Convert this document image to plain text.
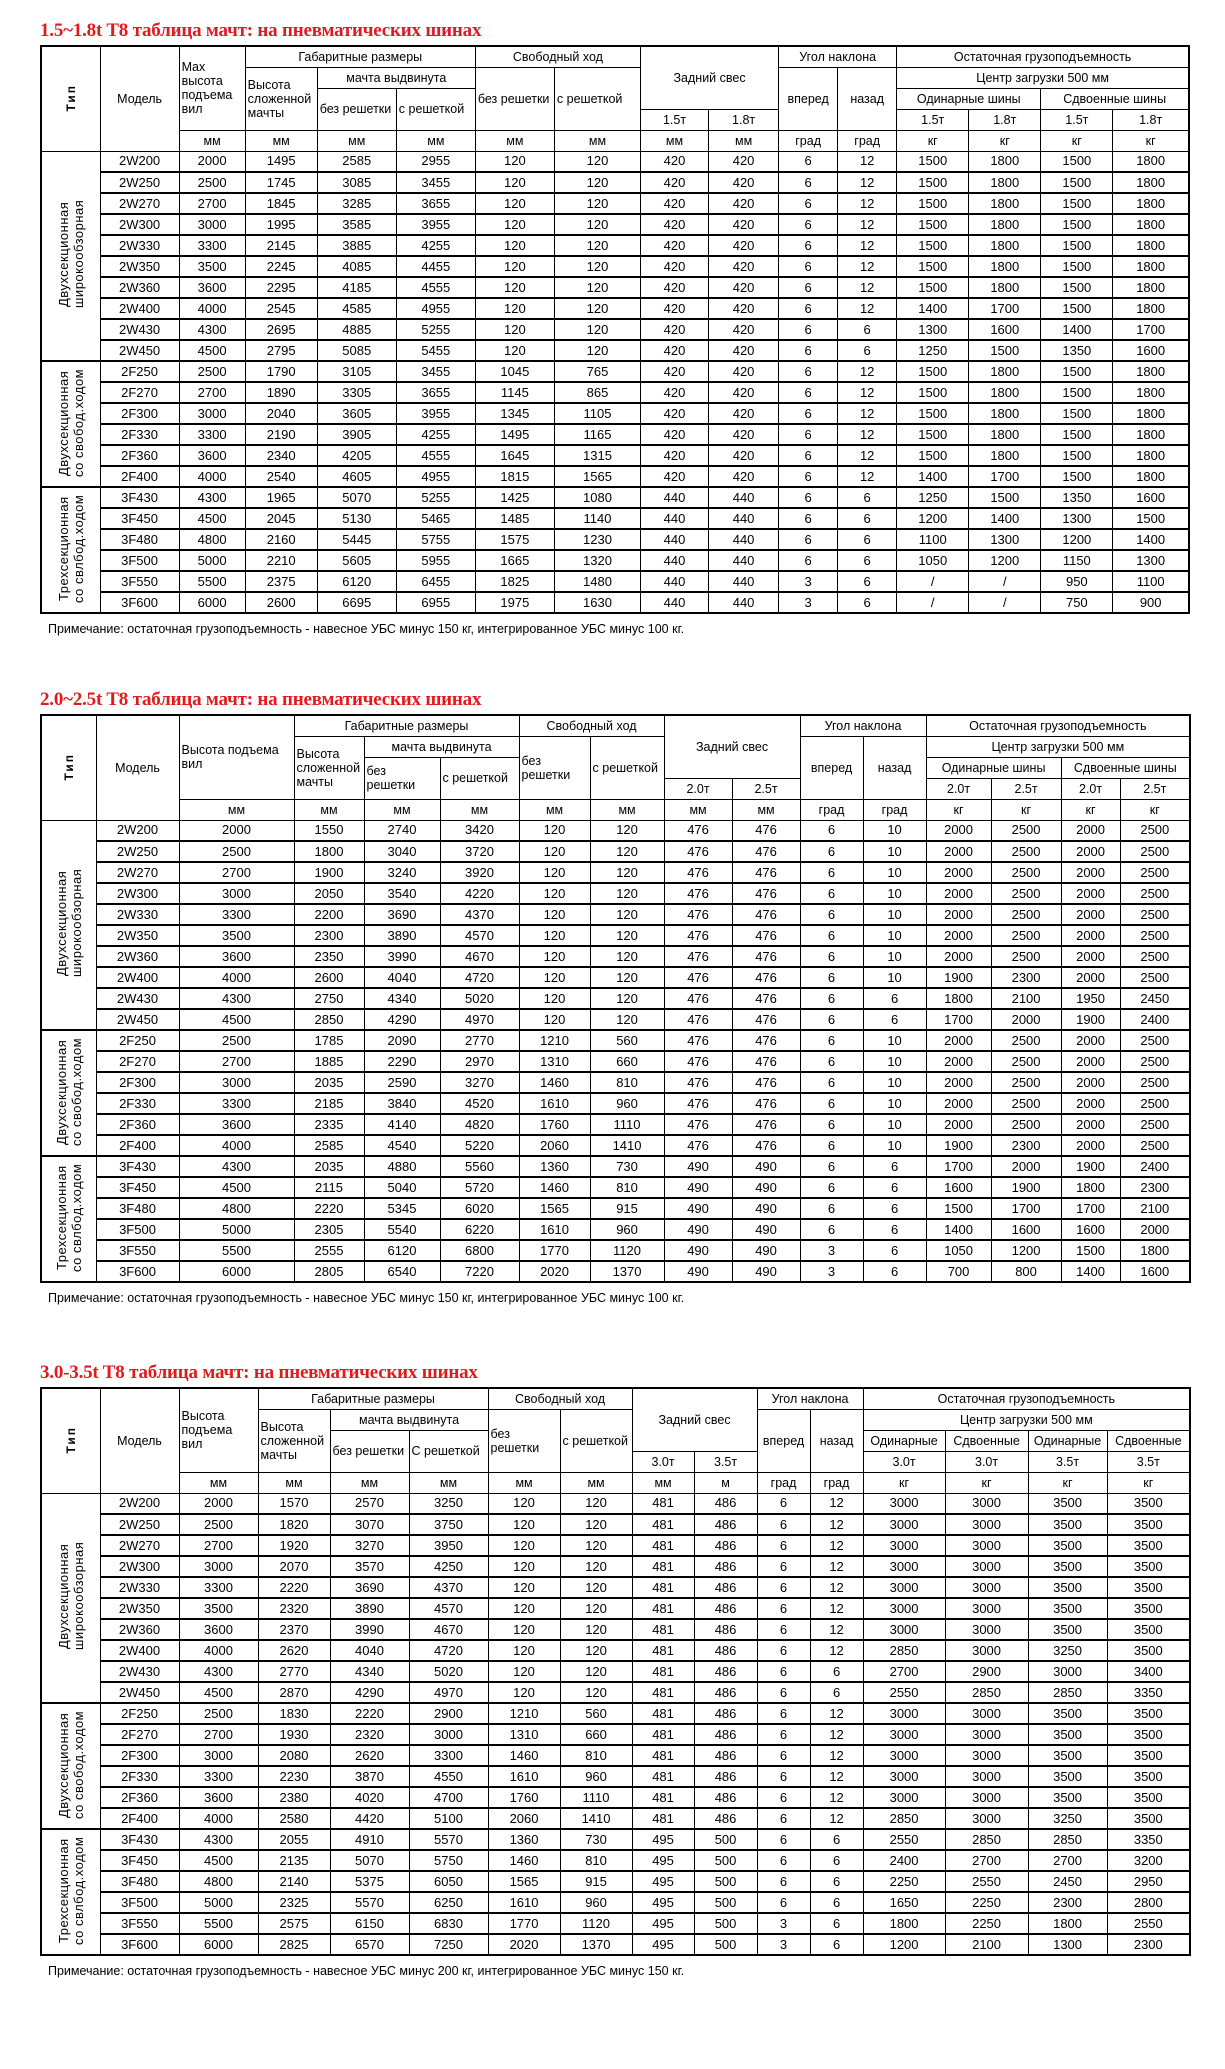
1.5~1.8t T8 таблица мачт: на пневматических шинах
Тип	Модель	Max высота подъема вил	Габаритные размеры			Свободный ход		Задний свес		Угол наклона		Остаточная грузоподъемность			
			Высота сложенной мачты	мачта выдвинута		без решетки	с решеткой			вперед	назад	Центр загрузки 500 мм			
				без решетки	с решеткой							Одинарные шины		Сдвоенные шины	
								1.5т	1.8т			1.5т	1.8т	1.5т	1.8т
		мм	мм	мм	мм	мм	мм	мм	мм	град	град	кг	кг	кг	кг
Двухсекционная широкообзорная	2W200	2000	1495	2585	2955	120	120	420	420	6	12	1500	1800	1500	1800
	2W250	2500	1745	3085	3455	120	120	420	420	6	12	1500	1800	1500	1800
	2W270	2700	1845	3285	3655	120	120	420	420	6	12	1500	1800	1500	1800
	2W300	3000	1995	3585	3955	120	120	420	420	6	12	1500	1800	1500	1800
	2W330	3300	2145	3885	4255	120	120	420	420	6	12	1500	1800	1500	1800
	2W350	3500	2245	4085	4455	120	120	420	420	6	12	1500	1800	1500	1800
	2W360	3600	2295	4185	4555	120	120	420	420	6	12	1500	1800	1500	1800
	2W400	4000	2545	4585	4955	120	120	420	420	6	12	1400	1700	1500	1800
	2W430	4300	2695	4885	5255	120	120	420	420	6	6	1300	1600	1400	1700
	2W450	4500	2795	5085	5455	120	120	420	420	6	6	1250	1500	1350	1600
Двухсекционная со свобод.ходом	2F250	2500	1790	3105	3455	1045	765	420	420	6	12	1500	1800	1500	1800
	2F270	2700	1890	3305	3655	1145	865	420	420	6	12	1500	1800	1500	1800
	2F300	3000	2040	3605	3955	1345	1105	420	420	6	12	1500	1800	1500	1800
	2F330	3300	2190	3905	4255	1495	1165	420	420	6	12	1500	1800	1500	1800
	2F360	3600	2340	4205	4555	1645	1315	420	420	6	12	1500	1800	1500	1800
	2F400	4000	2540	4605	4955	1815	1565	420	420	6	12	1400	1700	1500	1800
Трехсекционная со свлбод.ходом	3F430	4300	1965	5070	5255	1425	1080	440	440	6	6	1250	1500	1350	1600
	3F450	4500	2045	5130	5465	1485	1140	440	440	6	6	1200	1400	1300	1500
	3F480	4800	2160	5445	5755	1575	1230	440	440	6	6	1100	1300	1200	1400
	3F500	5000	2210	5605	5955	1665	1320	440	440	6	6	1050	1200	1150	1300
	3F550	5500	2375	6120	6455	1825	1480	440	440	3	6	/	/	950	1100
	3F600	6000	2600	6695	6955	1975	1630	440	440	3	6	/	/	750	900
Примечание: остаточная грузоподъемность - навесное УБС минус 150 кг, интегрированное УБС минус 100 кг.
2.0~2.5t T8 таблица мачт: на пневматических шинах
Тип	Модель	Высота подъема вил	Габаритные размеры			Свободный ход		Задний свес		Угол наклона		Остаточная грузоподъемность			
			Высота сложенной мачты	мачта выдвинута		без решетки	с решеткой			вперед	назад	Центр загрузки 500 мм			
				без решетки	с решеткой							Одинарные шины		Сдвоенные шины	
								2.0т	2.5т			2.0т	2.5т	2.0т	2.5т
		мм	мм	мм	мм	мм	мм	мм	мм	град	град	кг	кг	кг	кг
Двухсекционная широкообзорная	2W200	2000	1550	2740	3420	120	120	476	476	6	10	2000	2500	2000	2500
	2W250	2500	1800	3040	3720	120	120	476	476	6	10	2000	2500	2000	2500
	2W270	2700	1900	3240	3920	120	120	476	476	6	10	2000	2500	2000	2500
	2W300	3000	2050	3540	4220	120	120	476	476	6	10	2000	2500	2000	2500
	2W330	3300	2200	3690	4370	120	120	476	476	6	10	2000	2500	2000	2500
	2W350	3500	2300	3890	4570	120	120	476	476	6	10	2000	2500	2000	2500
	2W360	3600	2350	3990	4670	120	120	476	476	6	10	2000	2500	2000	2500
	2W400	4000	2600	4040	4720	120	120	476	476	6	10	1900	2300	2000	2500
	2W430	4300	2750	4340	5020	120	120	476	476	6	6	1800	2100	1950	2450
	2W450	4500	2850	4290	4970	120	120	476	476	6	6	1700	2000	1900	2400
Двухсекционная со свобод.ходом	2F250	2500	1785	2090	2770	1210	560	476	476	6	10	2000	2500	2000	2500
	2F270	2700	1885	2290	2970	1310	660	476	476	6	10	2000	2500	2000	2500
	2F300	3000	2035	2590	3270	1460	810	476	476	6	10	2000	2500	2000	2500
	2F330	3300	2185	3840	4520	1610	960	476	476	6	10	2000	2500	2000	2500
	2F360	3600	2335	4140	4820	1760	1110	476	476	6	10	2000	2500	2000	2500
	2F400	4000	2585	4540	5220	2060	1410	476	476	6	10	1900	2300	2000	2500
Трехсекционная со свлбод.ходом	3F430	4300	2035	4880	5560	1360	730	490	490	6	6	1700	2000	1900	2400
	3F450	4500	2115	5040	5720	1460	810	490	490	6	6	1600	1900	1800	2300
	3F480	4800	2220	5345	6020	1565	915	490	490	6	6	1500	1700	1700	2100
	3F500	5000	2305	5540	6220	1610	960	490	490	6	6	1400	1600	1600	2000
	3F550	5500	2555	6120	6800	1770	1120	490	490	3	6	1050	1200	1500	1800
	3F600	6000	2805	6540	7220	2020	1370	490	490	3	6	700	800	1400	1600
Примечание: остаточная грузоподъемность - навесное УБС минус 150 кг, интегрированное УБС минус 100 кг.
3.0-3.5t T8 таблица мачт: на пневматических шинах
Тип	Модель	Высота подъема вил	Габаритные размеры			Свободный ход		Задний свес		Угол наклона		Остаточная грузоподъемность			
			Высота сложенной мачты	мачта выдвинута		без решетки	с решеткой			вперед	назад	Центр загрузки 500 мм			
				без решетки	С решеткой							Одинарные	Сдвоенные	Одинарные	Сдвоенные
								3.0т	3.5т			3.0т	3.0т	3.5т	3.5т
		мм	мм	мм	мм	мм	мм	мм	м	град	град	кг	кг	кг	кг
Двухсекционная широкообзорная	2W200	2000	1570	2570	3250	120	120	481	486	6	12	3000	3000	3500	3500
	2W250	2500	1820	3070	3750	120	120	481	486	6	12	3000	3000	3500	3500
	2W270	2700	1920	3270	3950	120	120	481	486	6	12	3000	3000	3500	3500
	2W300	3000	2070	3570	4250	120	120	481	486	6	12	3000	3000	3500	3500
	2W330	3300	2220	3690	4370	120	120	481	486	6	12	3000	3000	3500	3500
	2W350	3500	2320	3890	4570	120	120	481	486	6	12	3000	3000	3500	3500
	2W360	3600	2370	3990	4670	120	120	481	486	6	12	3000	3000	3500	3500
	2W400	4000	2620	4040	4720	120	120	481	486	6	12	2850	3000	3250	3500
	2W430	4300	2770	4340	5020	120	120	481	486	6	6	2700	2900	3000	3400
	2W450	4500	2870	4290	4970	120	120	481	486	6	6	2550	2850	2850	3350
Двухсекционная со свобод.ходом	2F250	2500	1830	2220	2900	1210	560	481	486	6	12	3000	3000	3500	3500
	2F270	2700	1930	2320	3000	1310	660	481	486	6	12	3000	3000	3500	3500
	2F300	3000	2080	2620	3300	1460	810	481	486	6	12	3000	3000	3500	3500
	2F330	3300	2230	3870	4550	1610	960	481	486	6	12	3000	3000	3500	3500
	2F360	3600	2380	4020	4700	1760	1110	481	486	6	12	3000	3000	3500	3500
	2F400	4000	2580	4420	5100	2060	1410	481	486	6	12	2850	3000	3250	3500
Трехсекционная со свлбод.ходом	3F430	4300	2055	4910	5570	1360	730	495	500	6	6	2550	2850	2850	3350
	3F450	4500	2135	5070	5750	1460	810	495	500	6	6	2400	2700	2700	3200
	3F480	4800	2140	5375	6050	1565	915	495	500	6	6	2250	2550	2450	2950
	3F500	5000	2325	5570	6250	1610	960	495	500	6	6	1650	2250	2300	2800
	3F550	5500	2575	6150	6830	1770	1120	495	500	3	6	1800	2250	1800	2550
	3F600	6000	2825	6570	7250	2020	1370	495	500	3	6	1200	2100	1300	2300
Примечание: остаточная грузоподъемность - навесное УБС минус 200 кг, интегрированное УБС минус 150 кг.
